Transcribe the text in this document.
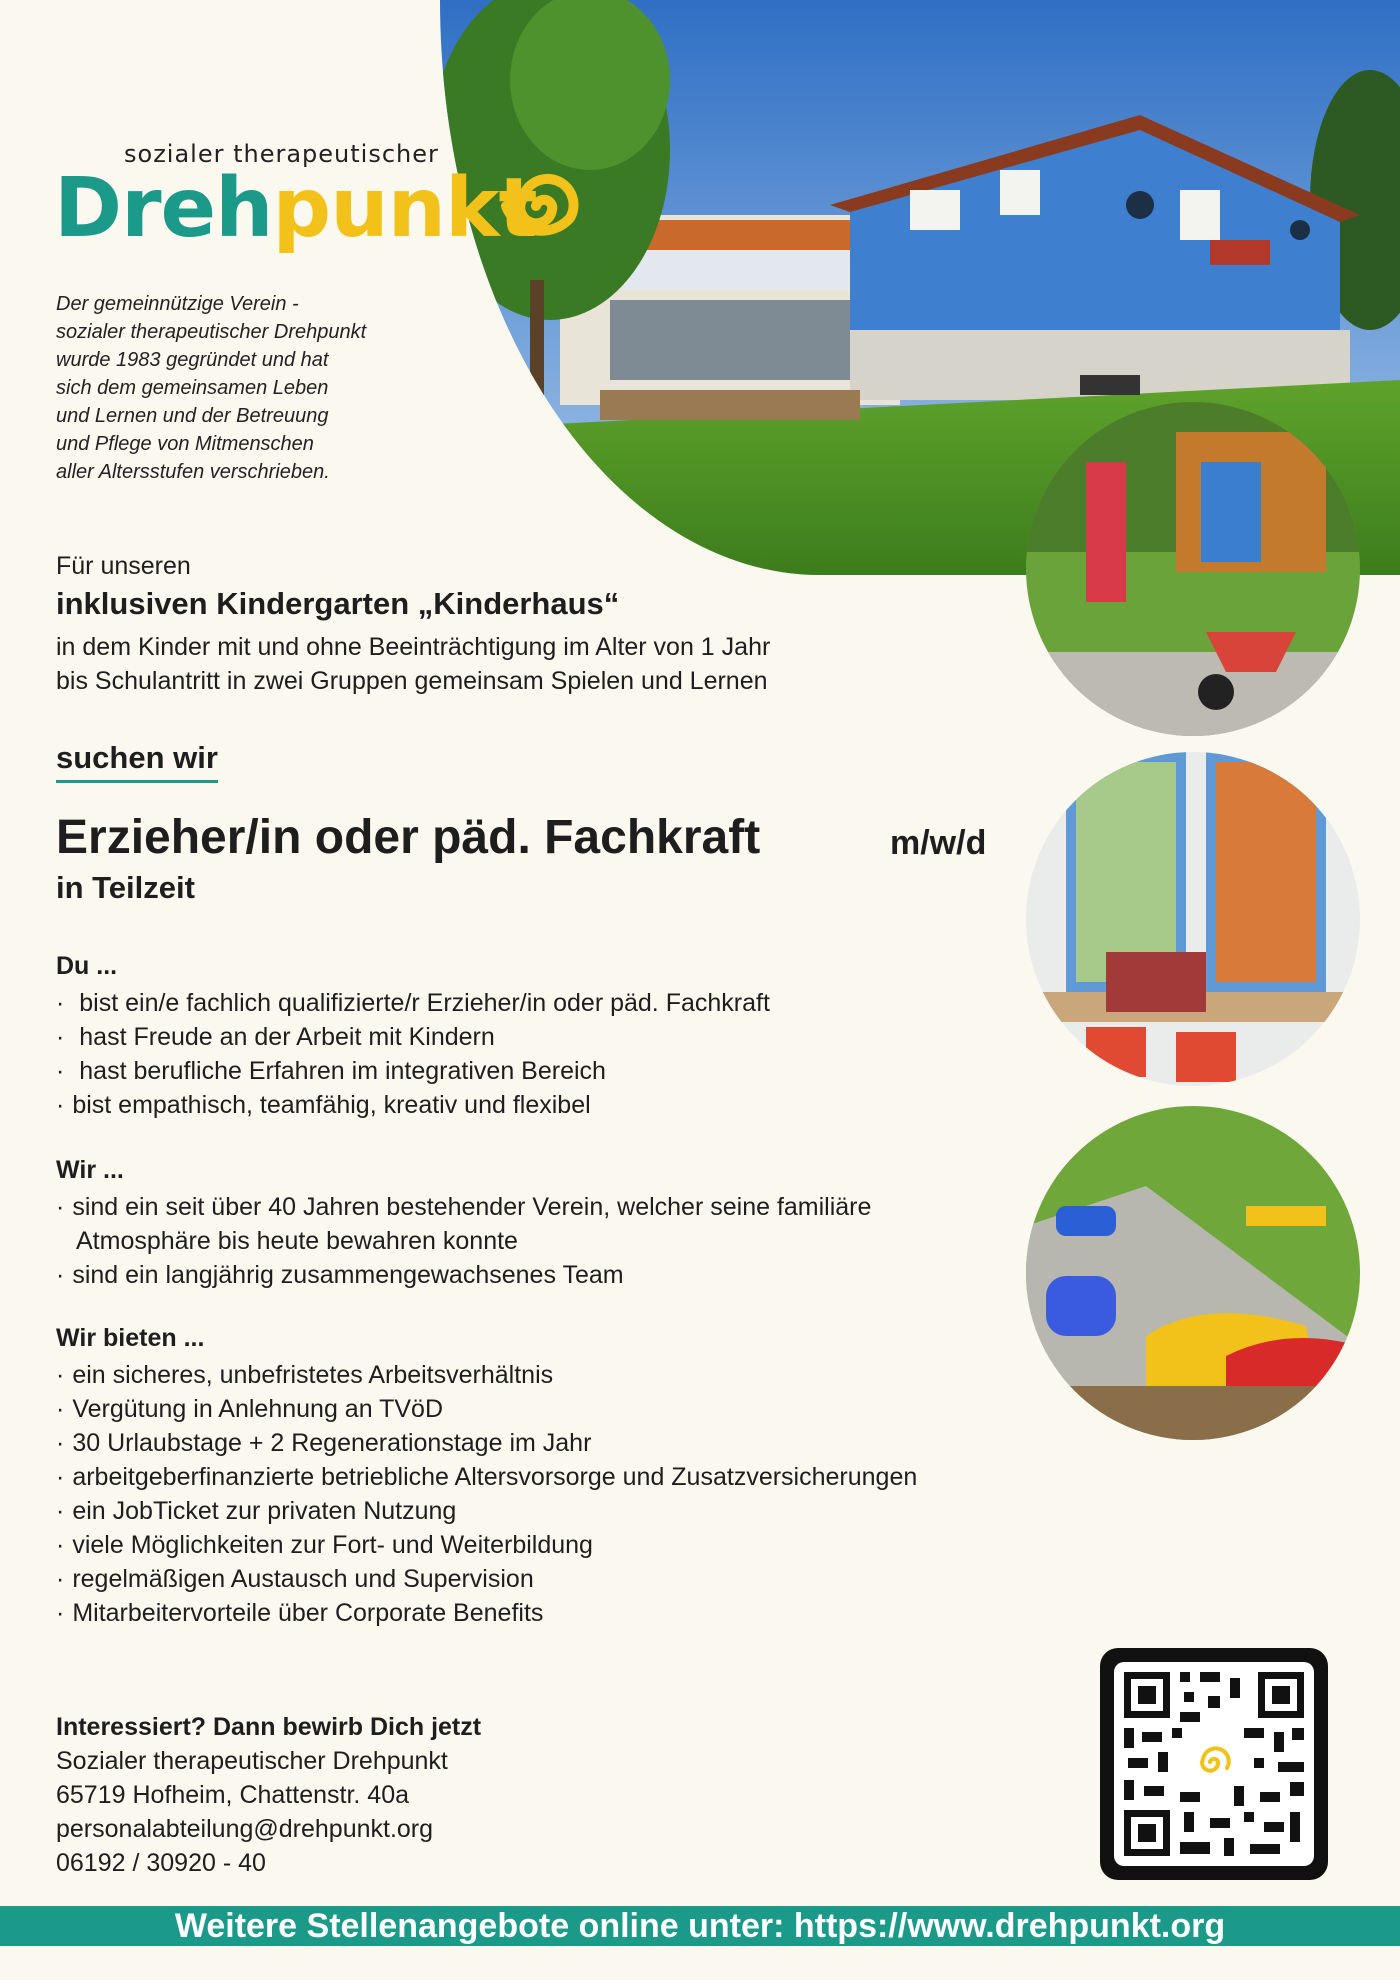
sozialer therapeutischer
Drehpunkt
Der gemeinnützige Verein -
sozialer therapeutischer Drehpunkt
wurde 1983 gegründet und hat
sich dem gemeinsamen Leben
und Lernen und der Betreuung
und Pflege von Mitmenschen
aller Altersstufen verschrieben.
Für unseren
inklusiven Kindergarten „Kinderhaus“
in dem Kinder mit und ohne Beeinträchtigung im Alter von 1 Jahr
bis Schulantritt in zwei Gruppen gemeinsam Spielen und Lernen
suchen wir
Erzieher/in oder päd. Fachkraft	m/w/d
in Teilzeit
Du ...
· bist ein/e fachlich qualifizierte/r Erzieher/in oder päd. Fachkraft
· hast Freude an der Arbeit mit Kindern
· hast berufliche Erfahren im integrativen Bereich
· bist empathisch, teamfähig, kreativ und flexibel
Wir ...
· sind ein seit über 40 Jahren bestehender Verein, welcher seine familiäre
Atmosphäre bis heute bewahren konnte
· sind ein langjährig zusammengewachsenes Team
Wir bieten ...
· ein sicheres, unbefristetes Arbeitsverhältnis
· Vergütung in Anlehnung an TVöD
· 30 Urlaubstage + 2 Regenerationstage im Jahr
· arbeitgeberfinanzierte betriebliche Altersvorsorge und Zusatzversicherungen
· ein JobTicket zur privaten Nutzung
· viele Möglichkeiten zur Fort- und Weiterbildung
· regelmäßigen Austausch und Supervision
· Mitarbeitervorteile über Corporate Benefits
Interessiert? Dann bewirb Dich jetzt
Sozialer therapeutischer Drehpunkt
65719 Hofheim, Chattenstr. 40a
personalabteilung@drehpunkt.org
06192 / 30920 - 40
Weitere Stellenangebote online unter: https://www.drehpunkt.org
